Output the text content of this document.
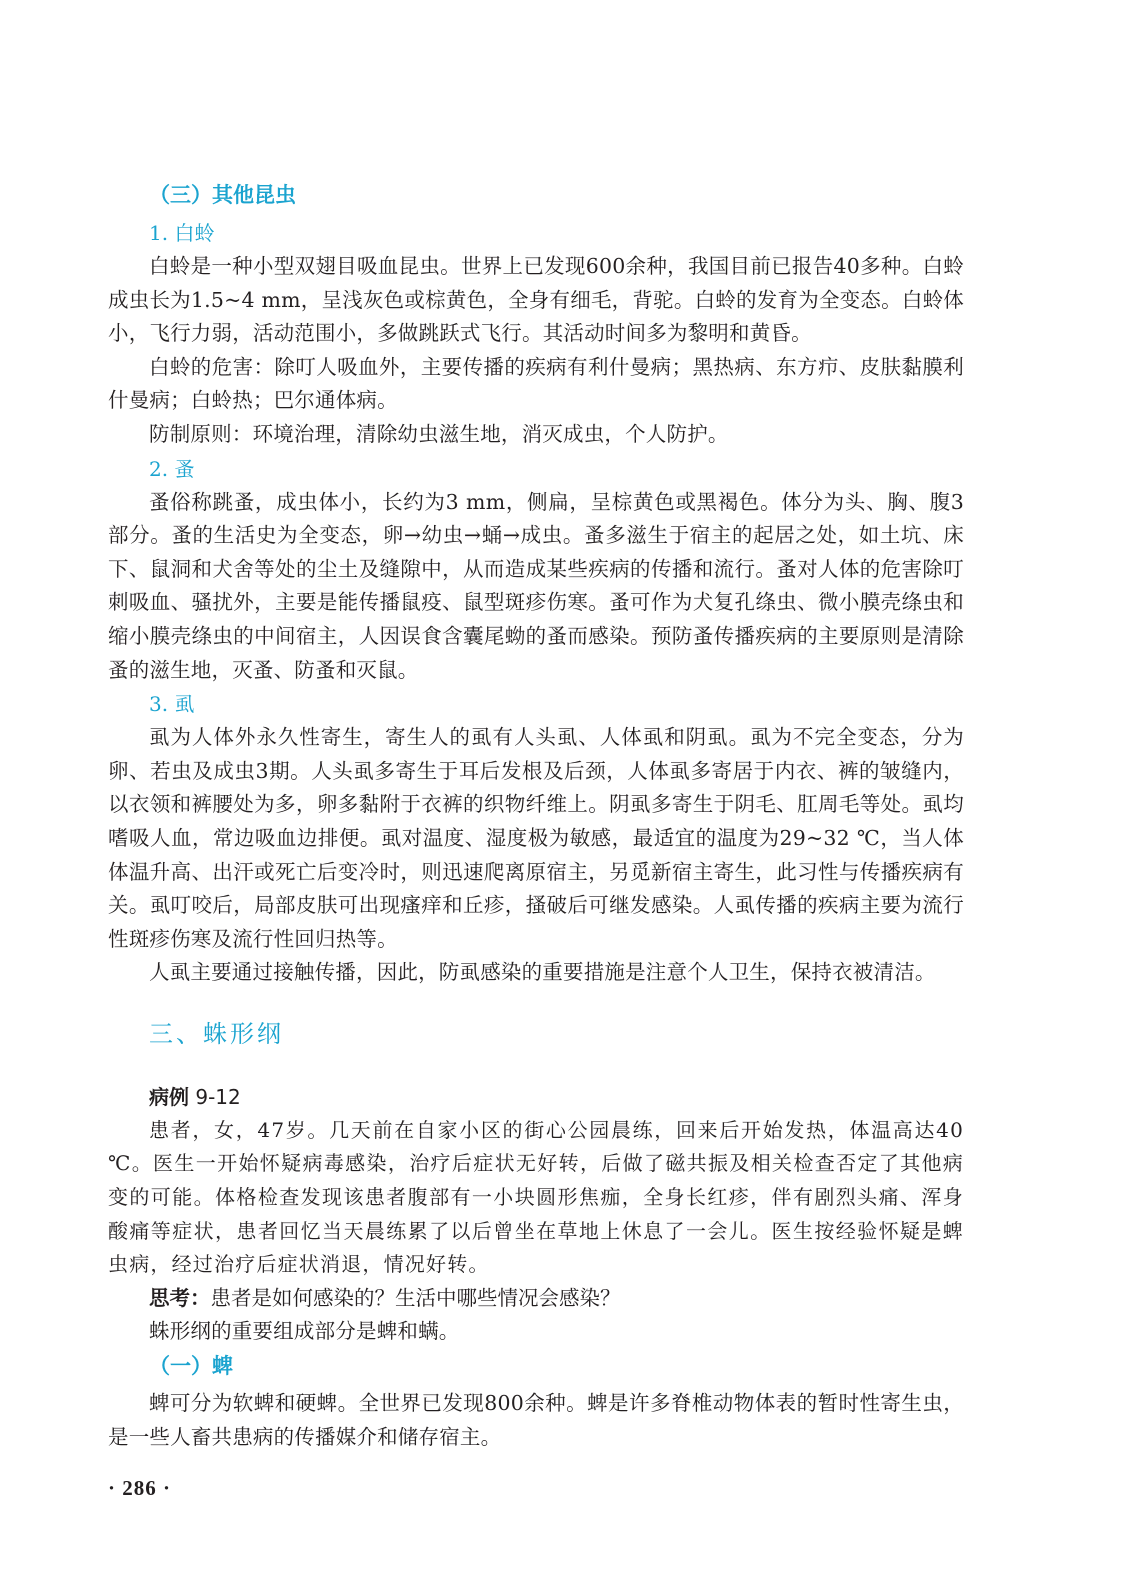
（三）其他昆虫
1. 白蛉

白蛉是一种小型双翅目吸血昆虫。世界上已发现600余种，我国目前已报告40多种。白蛉成虫长为1.5~4 mm，呈浅灰色或棕黄色，全身有细毛，背驼。白蛉的发育为全变态。白蛉体小，飞行力弱，活动范围小，多做跳跃式飞行。其活动时间多为黎明和黄昏。

白蛉的危害：除叮人吸血外，主要传播的疾病有利什曼病；黑热病、东方疖、皮肤黏膜利什曼病；白蛉热；巴尔通体病。

防制原则：环境治理，清除幼虫滋生地，消灭成虫，个人防护。

2. 蚤

蚤俗称跳蚤，成虫体小，长约为3 mm，侧扁，呈棕黄色或黑褐色。体分为头、胸、腹3部分。蚤的生活史为全变态，卵→幼虫→蛹→成虫。蚤多滋生于宿主的起居之处，如土坑、床下、鼠洞和犬舍等处的尘土及缝隙中，从而造成某些疾病的传播和流行。蚤对人体的危害除叮刺吸血、骚扰外，主要是能传播鼠疫、鼠型斑疹伤寒。蚤可作为犬复孔绦虫、微小膜壳绦虫和缩小膜壳绦虫的中间宿主，人因误食含囊尾蚴的蚤而感染。预防蚤传播疾病的主要原则是清除蚤的滋生地，灭蚤、防蚤和灭鼠。

3. 虱

虱为人体外永久性寄生，寄生人的虱有人头虱、人体虱和阴虱。虱为不完全变态，分为卵、若虫及成虫3期。人头虱多寄生于耳后发根及后颈，人体虱多寄居于内衣、裤的皱缝内，以衣领和裤腰处为多，卵多黏附于衣裤的织物纤维上。阴虱多寄生于阴毛、肛周毛等处。虱均嗜吸人血，常边吸血边排便。虱对温度、湿度极为敏感，最适宜的温度为29~32 ℃，当人体体温升高、出汗或死亡后变冷时，则迅速爬离原宿主，另觅新宿主寄生，此习性与传播疾病有关。虱叮咬后，局部皮肤可出现瘙痒和丘疹，搔破后可继发感染。人虱传播的疾病主要为流行性斑疹伤寒及流行性回归热等。

人虱主要通过接触传播，因此，防虱感染的重要措施是注意个人卫生，保持衣被清洁。

三、蛛形纲
病例 9-12

患者，女，47岁。几天前在自家小区的街心公园晨练，回来后开始发热，体温高达40 ℃。医生一开始怀疑病毒感染，治疗后症状无好转，后做了磁共振及相关检查否定了其他病变的可能。体格检查发现该患者腹部有一小块圆形焦痂，全身长红疹，伴有剧烈头痛、浑身酸痛等症状，患者回忆当天晨练累了以后曾坐在草地上休息了一会儿。医生按经验怀疑是蜱虫病，经过治疗后症状消退，情况好转。

思考：患者是如何感染的？生活中哪些情况会感染？

蛛形纲的重要组成部分是蜱和螨。

（一）蜱

蜱可分为软蜱和硬蜱。全世界已发现800余种。蜱是许多脊椎动物体表的暂时性寄生虫，是一些人畜共患病的传播媒介和储存宿主。

· 286 ·
